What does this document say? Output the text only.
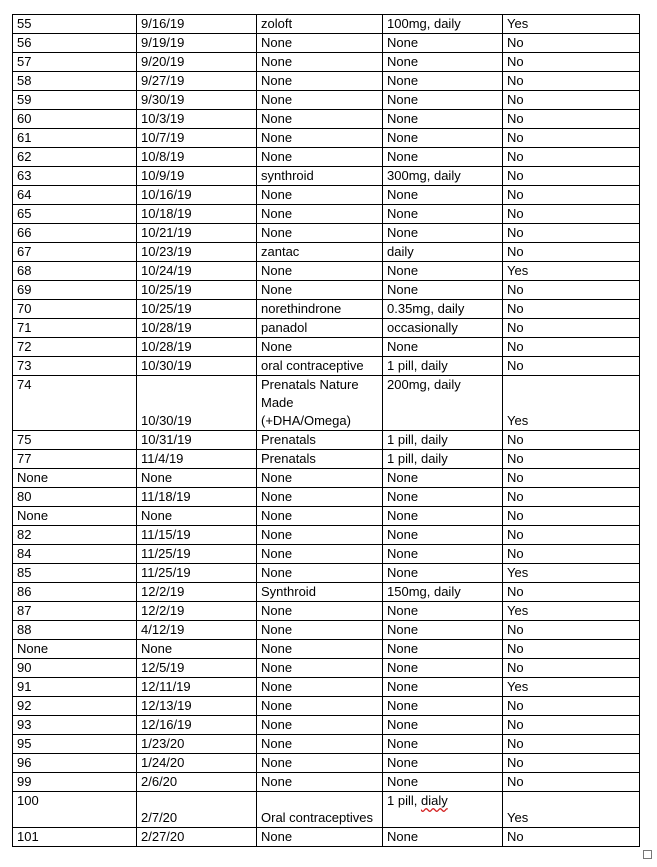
55	9/16/19	zoloft	100mg, daily	Yes
56	9/19/19	None	None	No
57	9/20/19	None	None	No
58	9/27/19	None	None	No
59	9/30/19	None	None	No
60	10/3/19	None	None	No
61	10/7/19	None	None	No
62	10/8/19	None	None	No
63	10/9/19	synthroid	300mg, daily	No
64	10/16/19	None	None	No
65	10/18/19	None	None	No
66	10/21/19	None	None	No
67	10/23/19	zantac	daily	No
68	10/24/19	None	None	Yes
69	10/25/19	None	None	No
70	10/25/19	norethindrone	0.35mg, daily	No
71	10/28/19	panadol	occasionally	No
72	10/28/19	None	None	No
73	10/30/19	oral contraceptive	1 pill, daily	No
74	10/30/19	Prenatals Nature Made (+DHA/Omega)	200mg, daily	Yes
75	10/31/19	Prenatals	1 pill, daily	No
77	11/4/19	Prenatals	1 pill, daily	No
None	None	None	None	No
80	11/18/19	None	None	No
None	None	None	None	No
82	11/15/19	None	None	No
84	11/25/19	None	None	No
85	11/25/19	None	None	Yes
86	12/2/19	Synthroid	150mg, daily	No
87	12/2/19	None	None	Yes
88	4/12/19	None	None	No
None	None	None	None	No
90	12/5/19	None	None	No
91	12/11/19	None	None	Yes
92	12/13/19	None	None	No
93	12/16/19	None	None	No
95	1/23/20	None	None	No
96	1/24/20	None	None	No
99	2/6/20	None	None	No
100	2/7/20	Oral contraceptives	1 pill, dialy	Yes
101	2/27/20	None	None	No
